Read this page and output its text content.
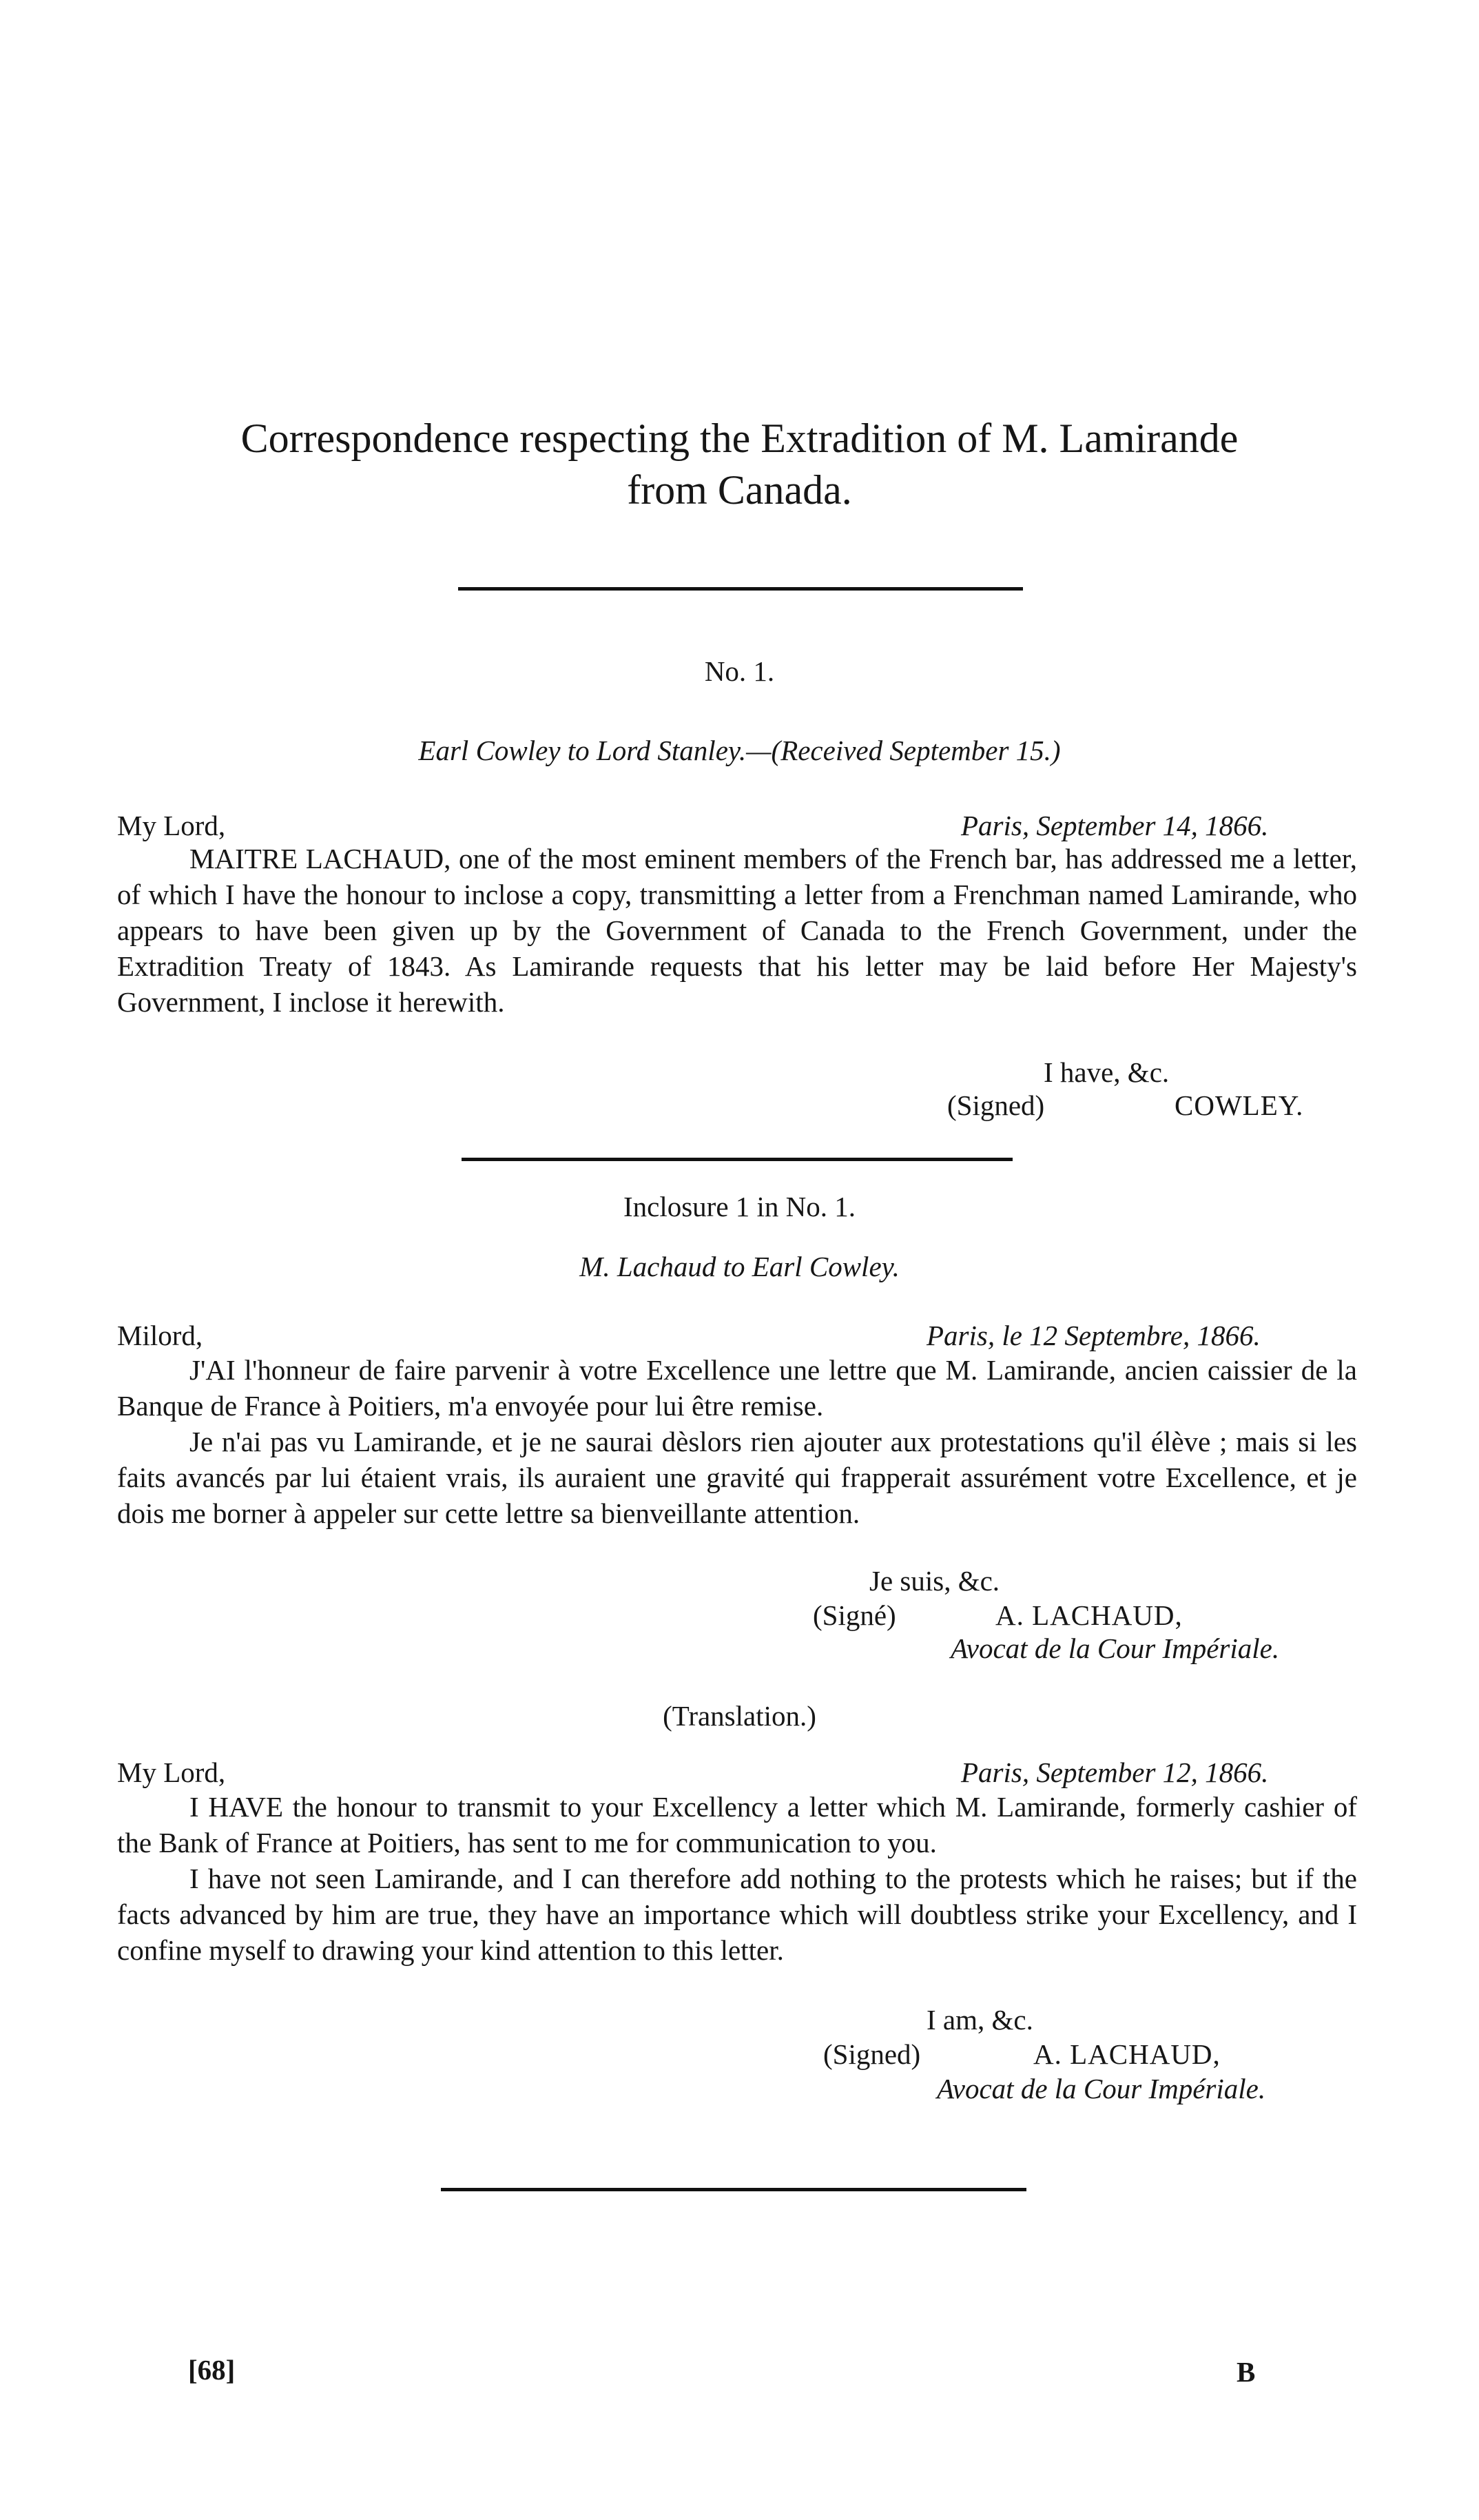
Correspondence respecting the Extradition of M. Lamirande
from Canada.
No. 1.
Earl Cowley to Lord Stanley.—(Received September 15.)
My Lord,	Paris, September 14, 1866.

MAITRE LACHAUD, one of the most eminent members of the French bar, has addressed me a letter, of which I have the honour to inclose a copy, transmitting a letter from a Frenchman named Lamirande, who appears to have been given up by the Government of Canada to the French Government, under the Extradition Treaty of 1843. As Lamirande requests that his letter may be laid before Her Majesty's Government, I inclose it herewith.

I have, &c.
(Signed)	COWLEY.
Inclosure 1 in No. 1.
M. Lachaud to Earl Cowley.
Milord,	Paris, le 12 Septembre, 1866.

J'AI l'honneur de faire parvenir à votre Excellence une lettre que M. Lamirande, ancien caissier de la Banque de France à Poitiers, m'a envoyée pour lui être remise.

Je n'ai pas vu Lamirande, et je ne saurai dèslors rien ajouter aux protestations qu'il élève ; mais si les faits avancés par lui étaient vrais, ils auraient une gravité qui frapperait assurément votre Excellence, et je dois me borner à appeler sur cette lettre sa bienveillante attention.

Je suis, &c.
(Signé)	A. LACHAUD,
Avocat de la Cour Impériale.
(Translation.)
My Lord,	Paris, September 12, 1866.

I HAVE the honour to transmit to your Excellency a letter which M. Lamirande, formerly cashier of the Bank of France at Poitiers, has sent to me for communication to you.

I have not seen Lamirande, and I can therefore add nothing to the protests which he raises; but if the facts advanced by him are true, they have an importance which will doubtless strike your Excellency, and I confine myself to drawing your kind attention to this letter.

I am, &c.
(Signed)	A. LACHAUD,
Avocat de la Cour Impériale.
[68]	B
